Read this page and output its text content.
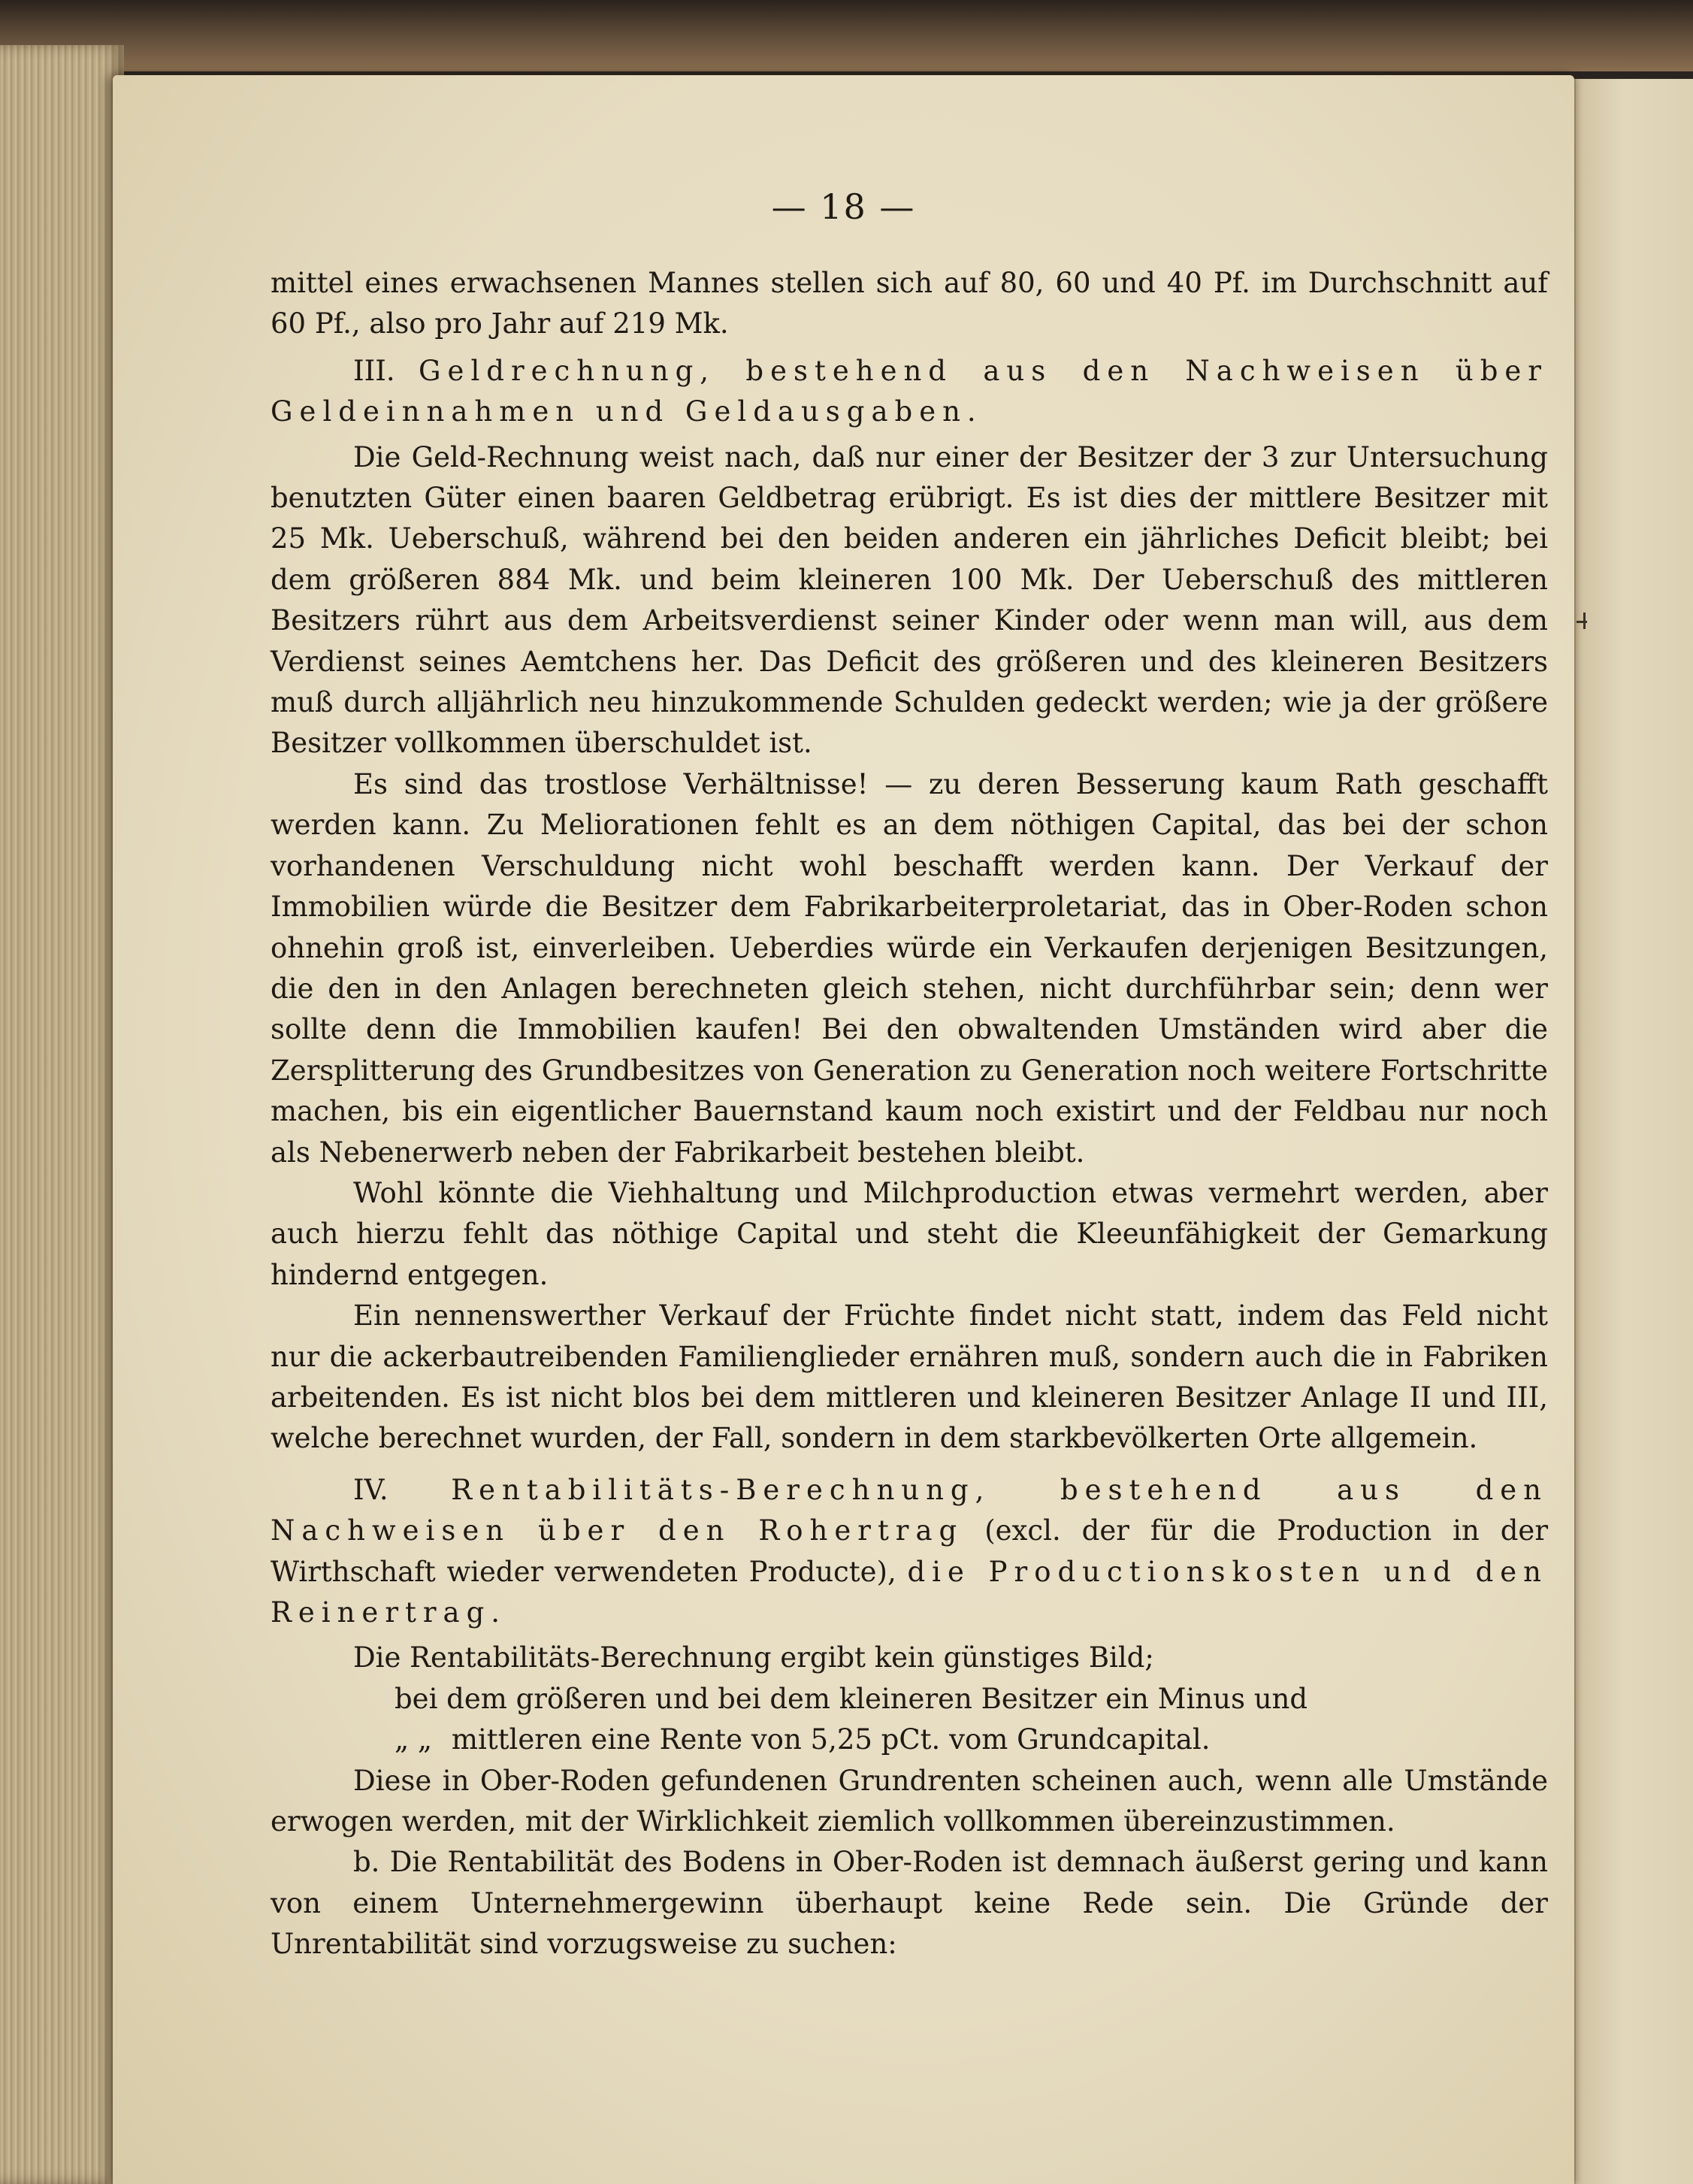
— 18 —

mittel eines erwachsenen Mannes stellen sich auf 80, 60 und 40 Pf. im Durchschnitt auf 60 Pf., also pro Jahr auf 219 Mk.

III. Geldrechnung, bestehend aus den Nachweisen über Geldeinnahmen und Geldausgaben.

Die Geld-Rechnung weist nach, daß nur einer der Besitzer der 3 zur Untersuchung benutzten Güter einen baaren Geldbetrag erübrigt. Es ist dies der mittlere Besitzer mit 25 Mk. Ueberschuß, während bei den beiden anderen ein jährliches Deficit bleibt; bei dem größeren 884 Mk. und beim kleineren 100 Mk. Der Ueberschuß des mittleren Besitzers rührt aus dem Arbeitsverdienst seiner Kinder oder wenn man will, aus dem Verdienst seines Aemtchens her. Das Deficit des größeren und des kleineren Besitzers muß durch alljährlich neu hinzukommende Schulden gedeckt werden; wie ja der größere Besitzer vollkommen überschuldet ist.

Es sind das trostlose Verhältnisse! — zu deren Besserung kaum Rath geschafft werden kann. Zu Meliorationen fehlt es an dem nöthigen Capital, das bei der schon vorhandenen Verschuldung nicht wohl beschafft werden kann. Der Verkauf der Immobilien würde die Besitzer dem Fabrikarbeiterproletariat, das in Ober-Roden schon ohnehin groß ist, einverleiben. Ueberdies würde ein Verkaufen derjenigen Besitzungen, die den in den Anlagen berechneten gleich stehen, nicht durchführbar sein; denn wer sollte denn die Immobilien kaufen! Bei den obwaltenden Umständen wird aber die Zersplitterung des Grundbesitzes von Generation zu Generation noch weitere Fortschritte machen, bis ein eigentlicher Bauernstand kaum noch existirt und der Feldbau nur noch als Nebenerwerb neben der Fabrikarbeit bestehen bleibt.

Wohl könnte die Viehhaltung und Milchproduction etwas vermehrt werden, aber auch hierzu fehlt das nöthige Capital und steht die Kleeunfähigkeit der Gemarkung hindernd entgegen.

Ein nennenswerther Verkauf der Früchte findet nicht statt, indem das Feld nicht nur die ackerbautreibenden Familienglieder ernähren muß, sondern auch die in Fabriken arbeitenden. Es ist nicht blos bei dem mittleren und kleineren Besitzer Anlage II und III, welche berechnet wurden, der Fall, sondern in dem starkbevölkerten Orte allgemein.

IV. Rentabilitäts-Berechnung, bestehend aus den Nachweisen über den Rohertrag (excl. der für die Production in der Wirthschaft wieder verwendeten Producte), die Productionskosten und den Reinertrag.

Die Rentabilitäts-Berechnung ergibt kein günstiges Bild;

bei dem größeren und bei dem kleineren Besitzer ein Minus und

„ „ mittleren eine Rente von 5,25 pCt. vom Grundcapital.

Diese in Ober-Roden gefundenen Grundrenten scheinen auch, wenn alle Umstände erwogen werden, mit der Wirklichkeit ziemlich vollkommen übereinzustimmen.

b. Die Rentabilität des Bodens in Ober-Roden ist demnach äußerst gering und kann von einem Unternehmergewinn überhaupt keine Rede sein. Die Gründe der Unrentabilität sind vorzugsweise zu suchen:
